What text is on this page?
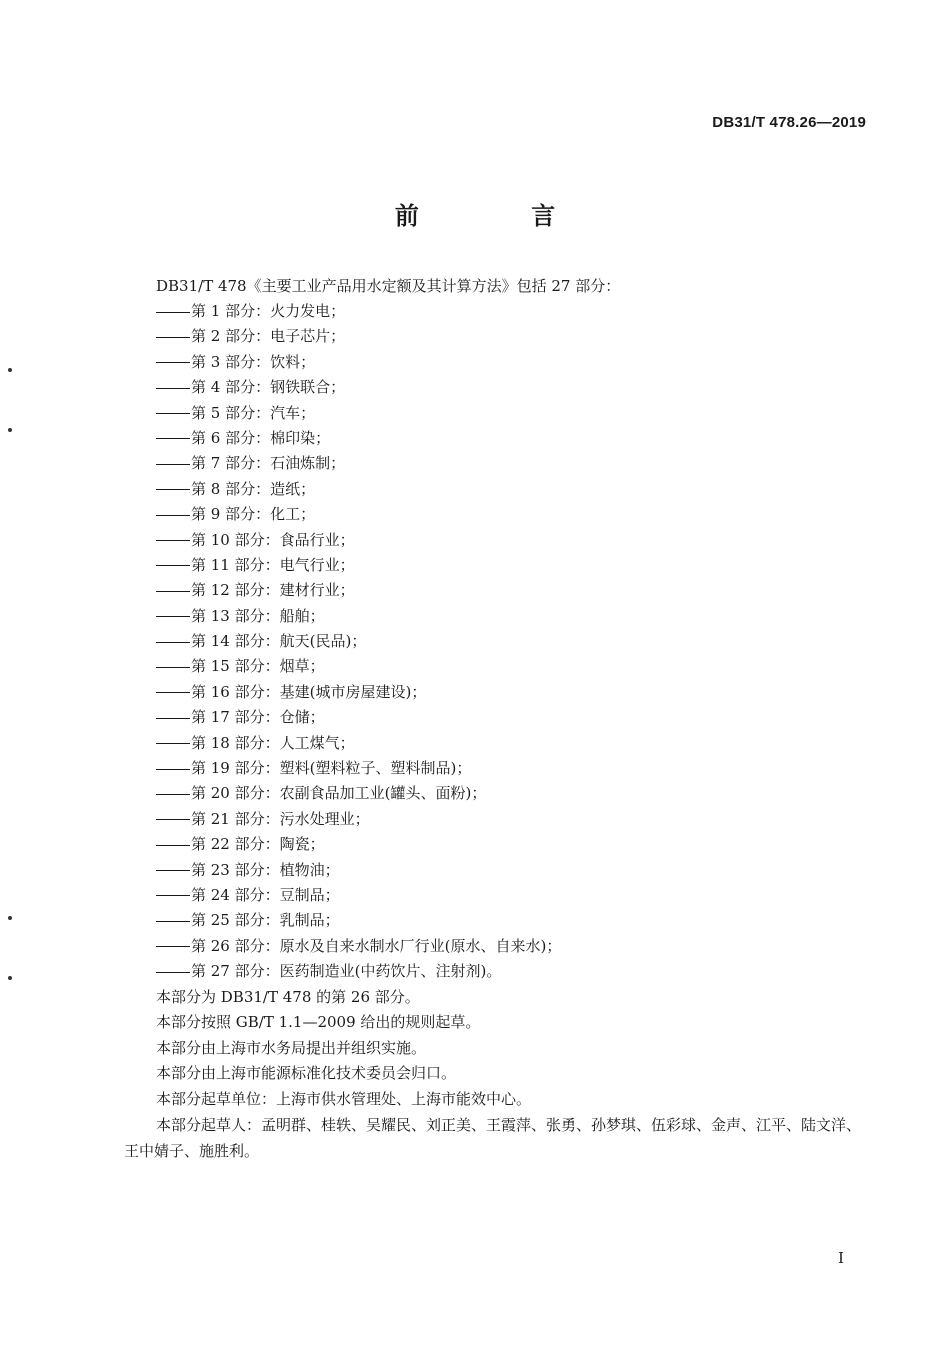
DB31/T 478.26—2019
前 言
DB31/T 478《主要工业产品用水定额及其计算方法》包括 27 部分：
第 1 部分：火力发电；
第 2 部分：电子芯片；
第 3 部分：饮料；
第 4 部分：钢铁联合；
第 5 部分：汽车；
第 6 部分：棉印染；
第 7 部分：石油炼制；
第 8 部分：造纸；
第 9 部分：化工；
第 10 部分：食品行业；
第 11 部分：电气行业；
第 12 部分：建材行业；
第 13 部分：船舶；
第 14 部分：航天(民品)；
第 15 部分：烟草；
第 16 部分：基建(城市房屋建设)；
第 17 部分：仓储；
第 18 部分：人工煤气；
第 19 部分：塑料(塑料粒子、塑料制品)；
第 20 部分：农副食品加工业(罐头、面粉)；
第 21 部分：污水处理业；
第 22 部分：陶瓷；
第 23 部分：植物油；
第 24 部分：豆制品；
第 25 部分：乳制品；
第 26 部分：原水及自来水制水厂行业(原水、自来水)；
第 27 部分：医药制造业(中药饮片、注射剂)。

本部分为 DB31/T 478 的第 26 部分。

本部分按照 GB/T 1.1—2009 给出的规则起草。

本部分由上海市水务局提出并组织实施。

本部分由上海市能源标准化技术委员会归口。

本部分起草单位：上海市供水管理处、上海市能效中心。

本部分起草人：孟明群、桂轶、吴耀民、刘正美、王霞萍、张勇、孙梦琪、伍彩球、金声、江平、陆文洋、王中婧子、施胜利。

I
